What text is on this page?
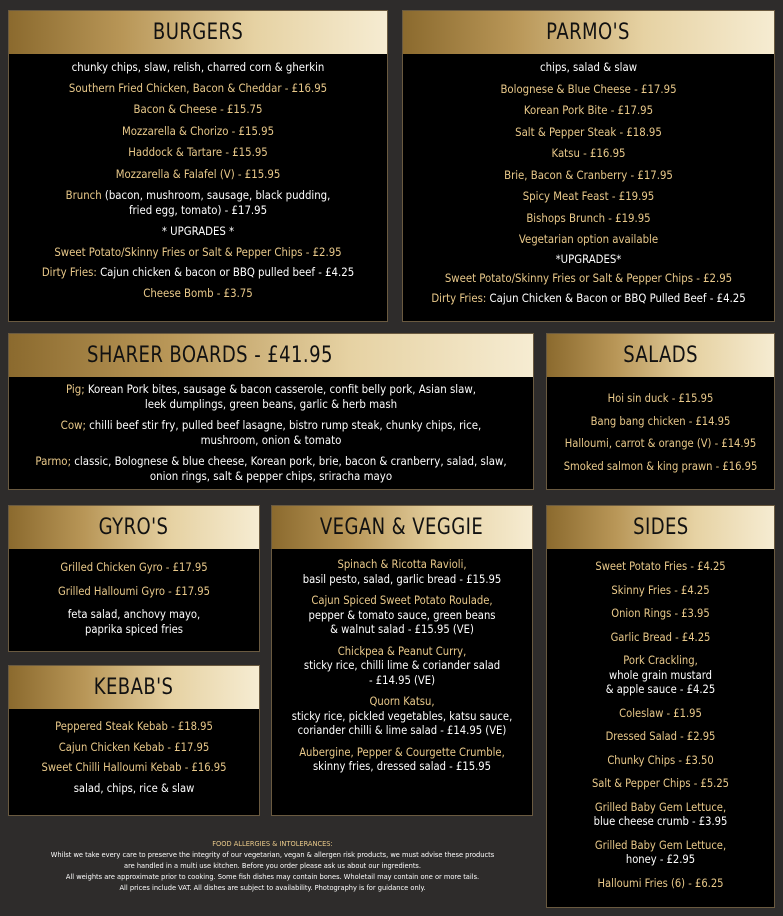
BURGERS
chunky chips, slaw, relish, charred corn & gherkin
Southern Fried Chicken, Bacon & Cheddar - £16.95
Bacon & Cheese - £15.75
Mozzarella & Chorizo - £15.95
Haddock & Tartare - £15.95
Mozzarella & Falafel (V) - £15.95
Brunch (bacon, mushroom, sausage, black pudding,
fried egg, tomato) - £17.95
* UPGRADES *
Sweet Potato/Skinny Fries or Salt & Pepper Chips - £2.95
Dirty Fries: Cajun chicken & bacon or BBQ pulled beef - £4.25
Cheese Bomb - £3.75
PARMO'S
chips, salad & slaw
Bolognese & Blue Cheese - £17.95
Korean Pork Bite - £17.95
Salt & Pepper Steak - £18.95
Katsu - £16.95
Brie, Bacon & Cranberry - £17.95
Spicy Meat Feast - £19.95
Bishops Brunch - £19.95
Vegetarian option available
*UPGRADES*
Sweet Potato/Skinny Fries or Salt & Pepper Chips - £2.95
Dirty Fries: Cajun Chicken & Bacon or BBQ Pulled Beef - £4.25
SHARER BOARDS - £41.95
Pig; Korean Pork bites, sausage & bacon casserole, confit belly pork, Asian slaw,
leek dumplings, green beans, garlic & herb mash
Cow; chilli beef stir fry, pulled beef lasagne, bistro rump steak, chunky chips, rice,
mushroom, onion & tomato
Parmo; classic, Bolognese & blue cheese, Korean pork, brie, bacon & cranberry, salad, slaw,
onion rings, salt & pepper chips, sriracha mayo
SALADS
Hoi sin duck - £15.95
Bang bang chicken - £14.95
Halloumi, carrot & orange (V) - £14.95
Smoked salmon & king prawn - £16.95
GYRO'S
Grilled Chicken Gyro - £17.95
Grilled Halloumi Gyro - £17.95
feta salad, anchovy mayo,
paprika spiced fries
KEBAB'S
Peppered Steak Kebab - £18.95
Cajun Chicken Kebab - £17.95
Sweet Chilli Halloumi Kebab - £16.95
salad, chips, rice & slaw
VEGAN & VEGGIE
Spinach & Ricotta Ravioli,
basil pesto, salad, garlic bread - £15.95
Cajun Spiced Sweet Potato Roulade,
pepper & tomato sauce, green beans
& walnut salad - £15.95 (VE)
Chickpea & Peanut Curry,
sticky rice, chilli lime & coriander salad
- £14.95 (VE)
Quorn Katsu,
sticky rice, pickled vegetables, katsu sauce,
coriander chilli & lime salad - £14.95 (VE)
Aubergine, Pepper & Courgette Crumble,
skinny fries, dressed salad - £15.95
SIDES
Sweet Potato Fries - £4.25
Skinny Fries - £4.25
Onion Rings - £3.95
Garlic Bread - £4.25
Pork Crackling,
whole grain mustard
& apple sauce - £4.25
Coleslaw - £1.95
Dressed Salad - £2.95
Chunky Chips - £3.50
Salt & Pepper Chips - £5.25
Grilled Baby Gem Lettuce,
blue cheese crumb - £3.95
Grilled Baby Gem Lettuce,
honey - £2.95
Halloumi Fries (6) - £6.25
FOOD ALLERGIES & INTOLERANCES:
Whilst we take every care to preserve the integrity of our vegetarian, vegan & allergen risk products, we must advise these products
are handled in a multi use kitchen. Before you order please ask us about our ingredients.
All weights are approximate prior to cooking. Some fish dishes may contain bones. Wholetail may contain one or more tails.
All prices include VAT. All dishes are subject to availability. Photography is for guidance only.
